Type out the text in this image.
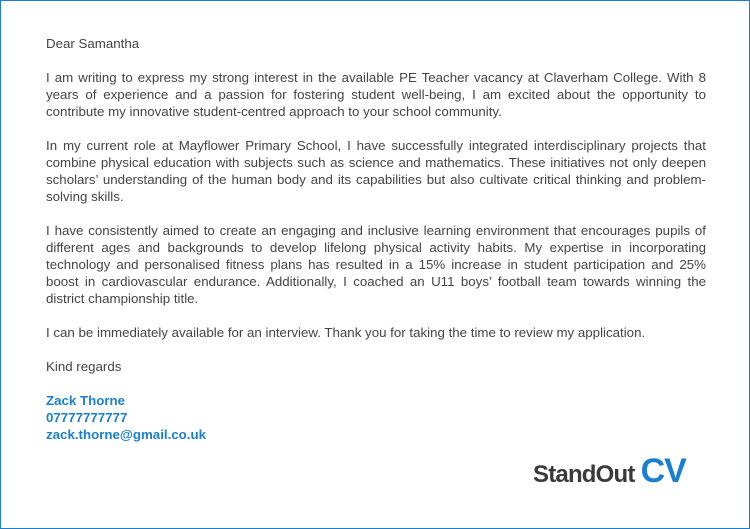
Dear Samantha

I am writing to express my strong interest in the available PE Teacher vacancy at Claverham College. With 8 years of experience and a passion for fostering student well-being, I am excited about the opportunity to contribute my innovative student-centred approach to your school community.

In my current role at Mayflower Primary School, I have successfully integrated interdisciplinary projects that combine physical education with subjects such as science and mathematics. These initiatives not only deepen scholars’ understanding of the human body and its capabilities but also cultivate critical thinking and problem-solving skills.

I have consistently aimed to create an engaging and inclusive learning environment that encourages pupils of different ages and backgrounds to develop lifelong physical activity habits. My expertise in incorporating technology and personalised fitness plans has resulted in a 15% increase in student participation and 25% boost in cardiovascular endurance. Additionally, I coached an U11 boys’ football team towards winning the district championship title.

I can be immediately available for an interview. Thank you for taking the time to review my application.

Kind regards

Zack Thorne
07777777777
zack.thorne@gmail.co.uk
StandOut CV
